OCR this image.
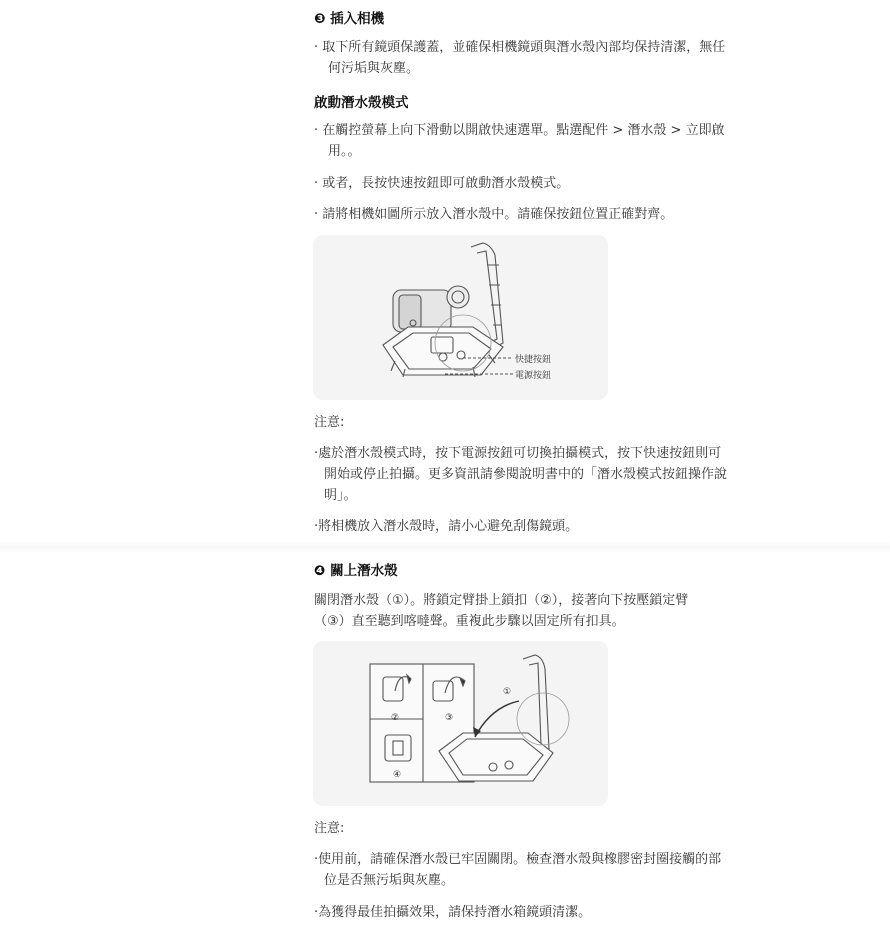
❸ 插入相機
· 取下所有鏡頭保護蓋，並確保相機鏡頭與潛水殼內部均保持清潔，無任何污垢與灰塵。
啟動潛水殼模式
· 在觸控螢幕上向下滑動以開啟快速選單。點選配件 > 潛水殼 > 立即啟用。。
· 或者，長按快速按鈕即可啟動潛水殼模式。
· 請將相機如圖所示放入潛水殼中。請確保按鈕位置正確對齊。
快捷按鈕
電源按鈕
注意:
·處於潛水殼模式時，按下電源按鈕可切換拍攝模式，按下快速按鈕則可開始或停止拍攝。更多資訊請參閱說明書中的「潛水殼模式按鈕操作說明」。
·將相機放入潛水殼時，請小心避免刮傷鏡頭。
❹ 關上潛水殼
關閉潛水殼（①）。將鎖定臂掛上鎖扣（②），接著向下按壓鎖定臂（③）直至聽到喀噠聲。重複此步驟以固定所有扣具。
①
②	③
④
注意:
·使用前，請確保潛水殼已牢固關閉。檢查潛水殼與橡膠密封圈接觸的部位是否無污垢與灰塵。
·為獲得最佳拍攝效果，請保持潛水箱鏡頭清潔。
